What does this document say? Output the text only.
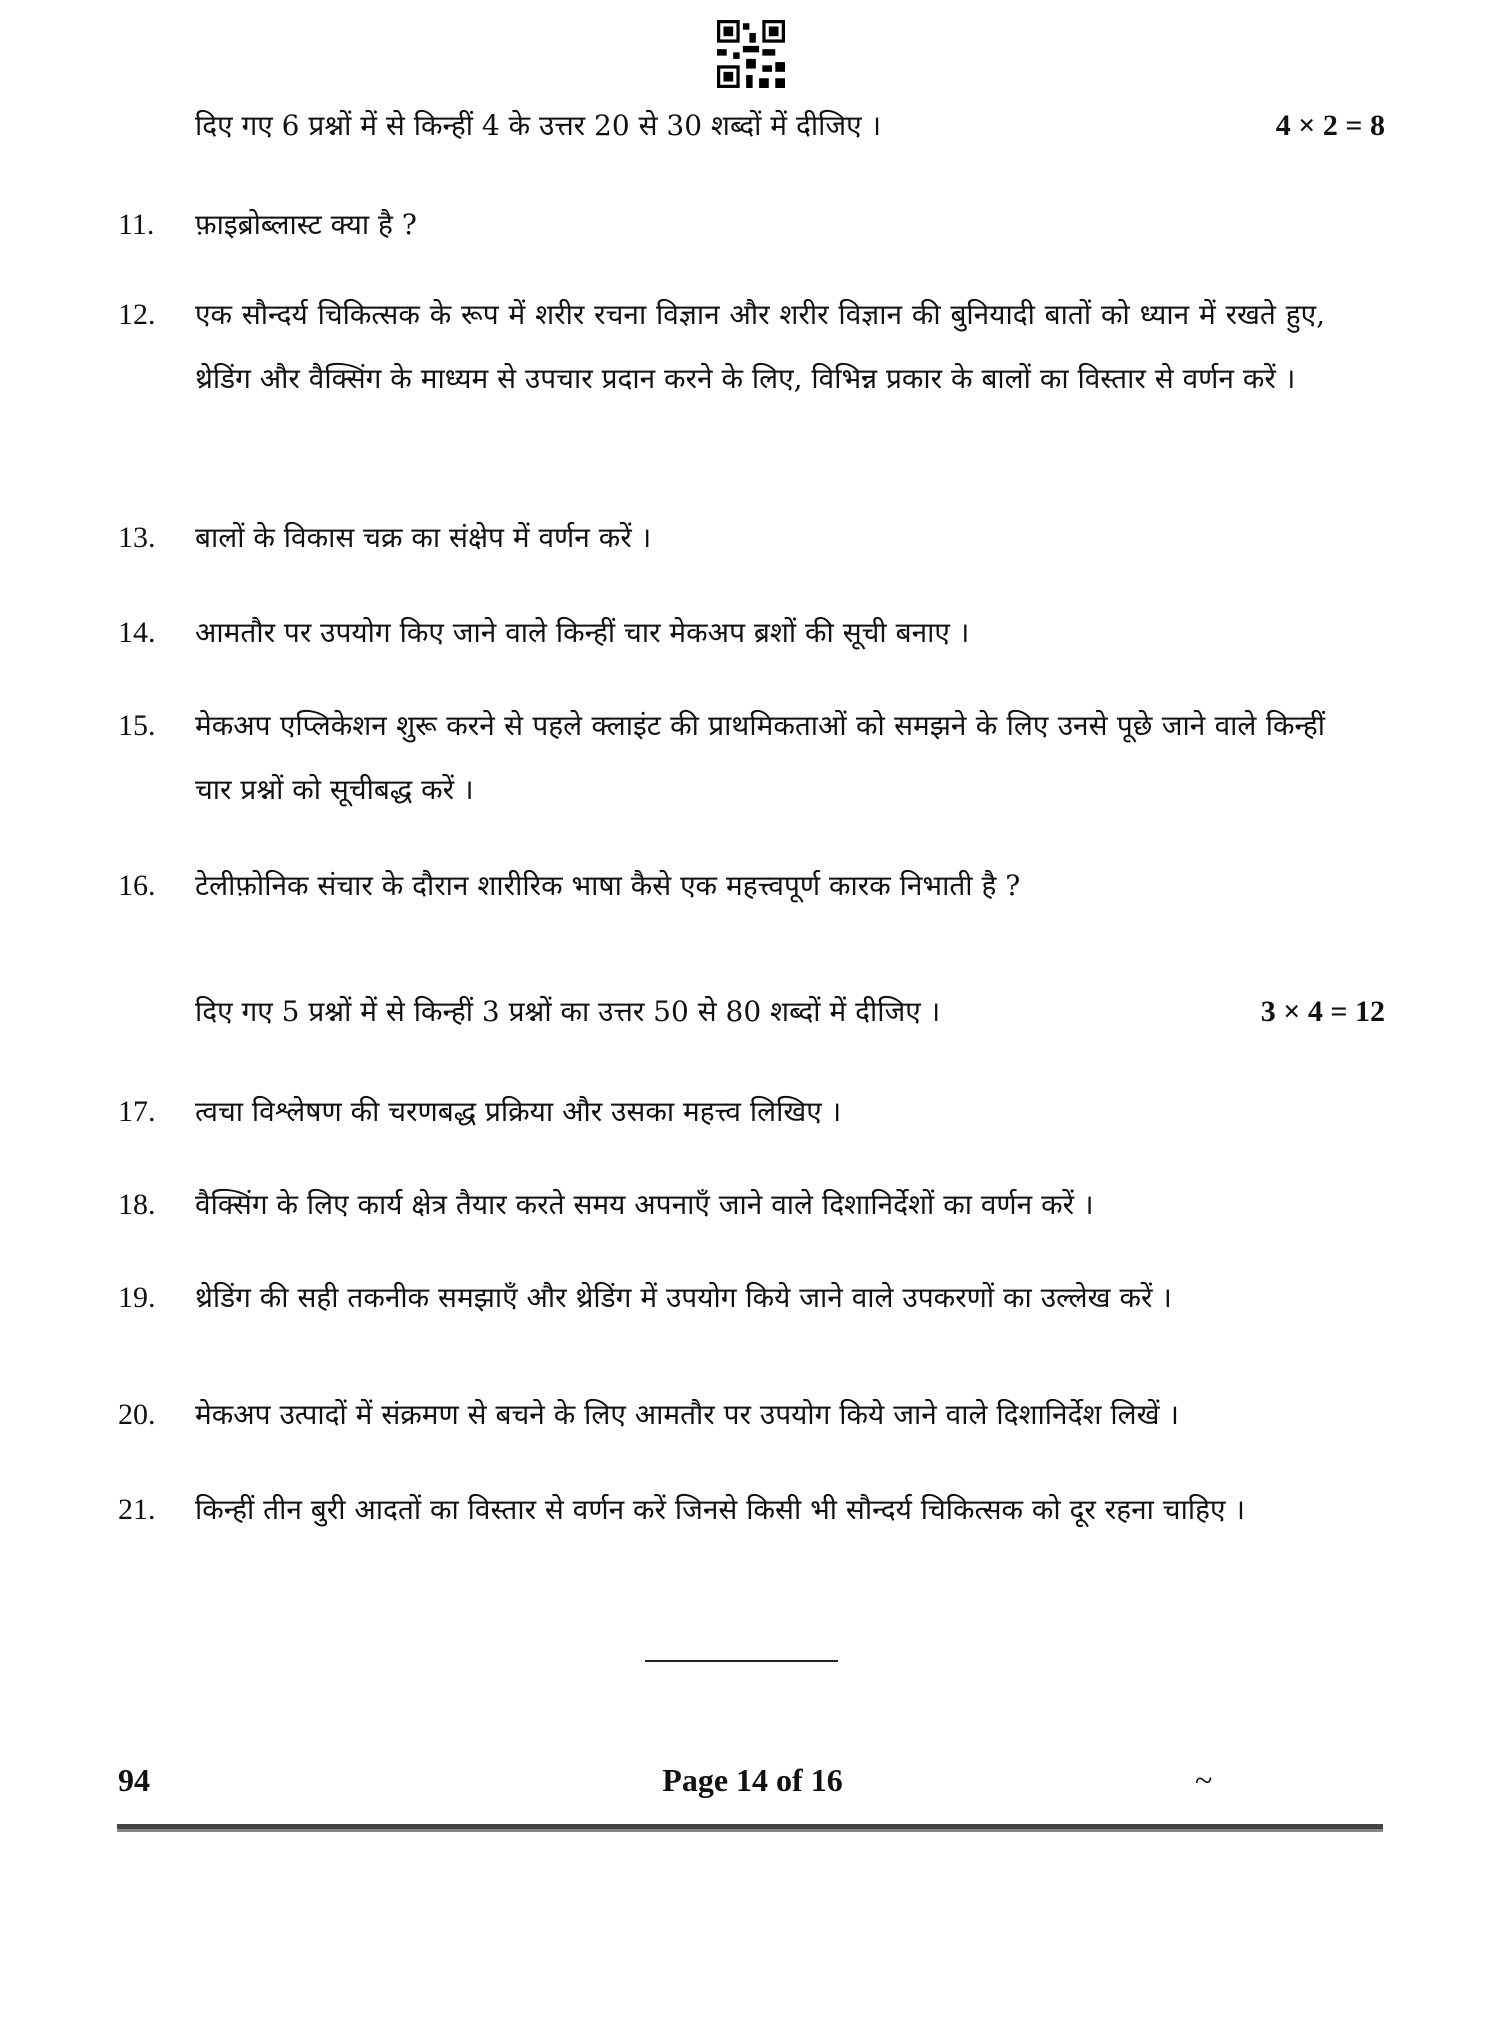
दिए गए 6 प्रश्नों में से किन्हीं 4 के उत्तर 20 से 30 शब्दों में दीजिए ।	4 × 2 = 8
11.	फ़ाइब्रोब्लास्ट क्या है ?
12.	एक सौन्दर्य चिकित्सक के रूप में शरीर रचना विज्ञान और शरीर विज्ञान की बुनियादी बातों को ध्यान में रखते हुए, थ्रेडिंग और वैक्सिंग के माध्यम से उपचार प्रदान करने के लिए, विभिन्न प्रकार के बालों का विस्तार से वर्णन करें ।
13.	बालों के विकास चक्र का संक्षेप में वर्णन करें ।
14.	आमतौर पर उपयोग किए जाने वाले किन्हीं चार मेकअप ब्रशों की सूची बनाए ।
15.	मेकअप एप्लिकेशन शुरू करने से पहले क्लाइंट की प्राथमिकताओं को समझने के लिए उनसे पूछे जाने वाले किन्हीं चार प्रश्नों को सूचीबद्ध करें ।
16.	टेलीफ़ोनिक संचार के दौरान शारीरिक भाषा कैसे एक महत्त्वपूर्ण कारक निभाती है ?
दिए गए 5 प्रश्नों में से किन्हीं 3 प्रश्नों का उत्तर 50 से 80 शब्दों में दीजिए ।	3 × 4 = 12
17.	त्वचा विश्लेषण की चरणबद्ध प्रक्रिया और उसका महत्त्व लिखिए ।
18.	वैक्सिंग के लिए कार्य क्षेत्र तैयार करते समय अपनाएँ जाने वाले दिशानिर्देशों का वर्णन करें ।
19.	थ्रेडिंग की सही तकनीक समझाएँ और थ्रेडिंग में उपयोग किये जाने वाले उपकरणों का उल्लेख करें ।
20.	मेकअप उत्पादों में संक्रमण से बचने के लिए आमतौर पर उपयोग किये जाने वाले दिशानिर्देश लिखें ।
21.	किन्हीं तीन बुरी आदतों का विस्तार से वर्णन करें जिनसे किसी भी सौन्दर्य चिकित्सक को दूर रहना चाहिए ।
94	Page 14 of 16	~
